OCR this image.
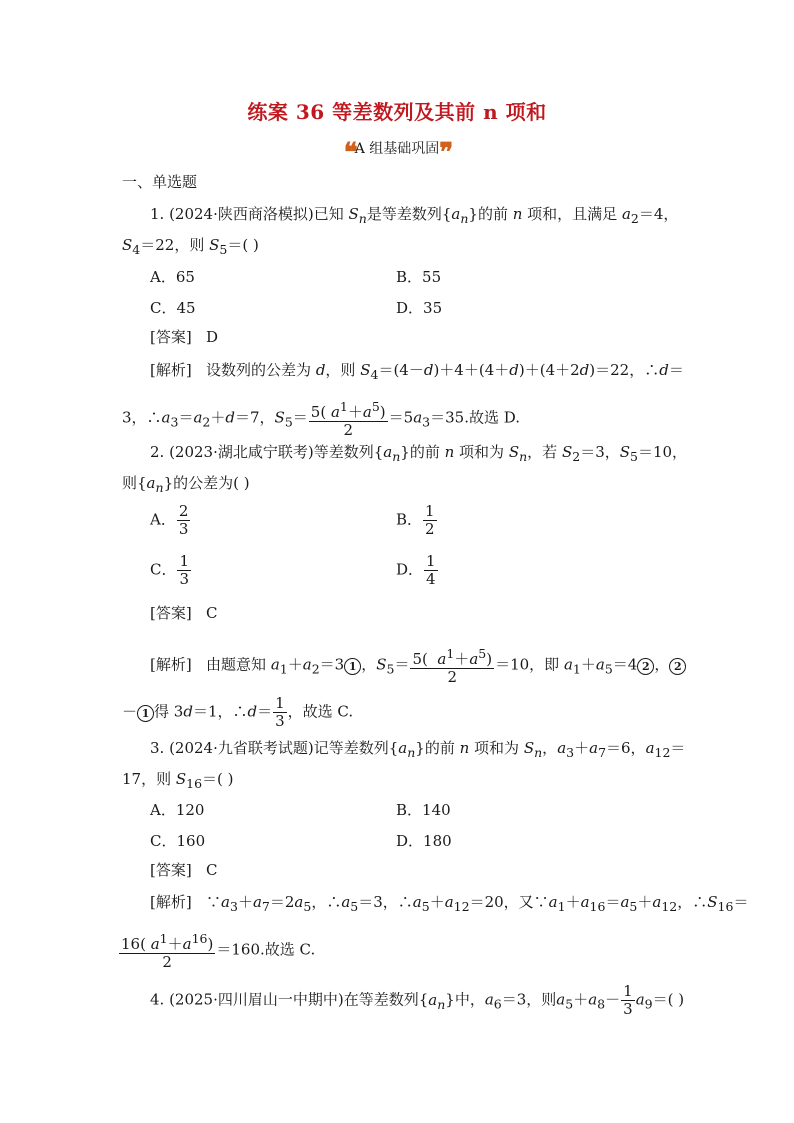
练案 36 等差数列及其前 n 项和
❝A 组基础巩固❞
一、单选题
1. (2024·陕西商洛模拟)已知 $S_n$是等差数列$\{a_n\}$的前 n 项和，且满足 $a_2=4$，
$S_4=22$，则 $S_5=$( )
A．65	B．55
C．45	D．35
[答案] D
[解析] 设数列的公差为 d，则 $S_4=(4-d)+4+(4+d)+(4+2d)=22$，∴d＝
3，$\therefore a_3=a_2+d=7$，$S_5= \frac{5( a^1+a^5)}{2} =5a_3=35$.故选 D.
2. (2023·湖北咸宁联考)等差数列$\{a_n\}$的前 n 项和为 $S_n$，若 $S_2=3$，$S_5=10$，
则$\{a_n\}$的公差为( )
A． $\frac{2}{3}$	B． $\frac{1}{2}$
C． $\frac{1}{3}$	D． $\frac{1}{4}$
[答案] C
[解析] 由题意知 $a_1+a_2=3$ 1 ，$S_5= \frac{5( a^1+a^5)}{2} =10$，即 $a_1+a_5=4$ 2 ， 2
－ 1 得 3d＝1，∴d＝ $\frac{1}{3}$ ，故选 C.
3. (2024·九省联考试题)记等差数列$\{a_n\}$的前 n 项和为 $S_n$，$a_3+a_7=6$，$a_{12}=$
17，则 $S_{16}=$( )
A．120	B．140
C．160	D．180
[答案] C
[解析] $\because a_3+a_7=2a_5$，$\therefore a_5=3$，$\therefore a_5+a_{12}=20$，又$\because a_1+a_{16}=a_5+a_{12}$，$\therefore S_{16}=$
$\frac{16( a^1+a^{16})}{2} =160$.故选 C.
4. (2025·四川眉山一中期中)在等差数列$\{a_n\}$中，$a_6=3$，则$a_5+a_8- \frac{1}{3} a_9=$( )
